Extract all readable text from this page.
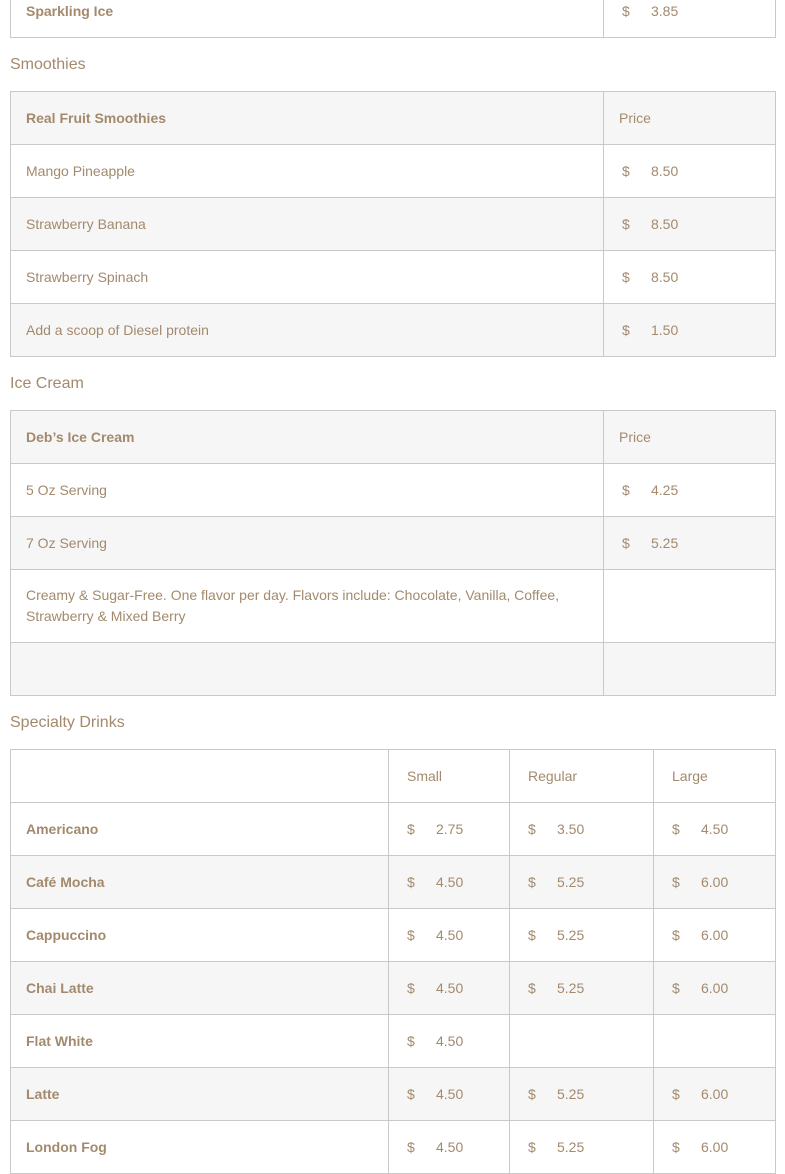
Sparkling Ice	$ 3.85
Smoothies
Real Fruit Smoothies	Price
Mango Pineapple	$ 8.50
Strawberry Banana	$ 8.50
Strawberry Spinach	$ 8.50
Add a scoop of Diesel protein	$ 1.50
Ice Cream
Deb’s Ice Cream	Price
5 Oz Serving	$ 4.25
7 Oz Serving	$ 5.25
Creamy & Sugar-Free. One flavor per day. Flavors include: Chocolate, Vanilla, Coffee, Strawberry & Mixed Berry	

Specialty Drinks
	Small	Regular	Large
Americano	$ 2.75	$ 3.50	$ 4.50
Café Mocha	$ 4.50	$ 5.25	$ 6.00
Cappuccino	$ 4.50	$ 5.25	$ 6.00
Chai Latte	$ 4.50	$ 5.25	$ 6.00
Flat White	$ 4.50		
Latte	$ 4.50	$ 5.25	$ 6.00
London Fog	$ 4.50	$ 5.25	$ 6.00
